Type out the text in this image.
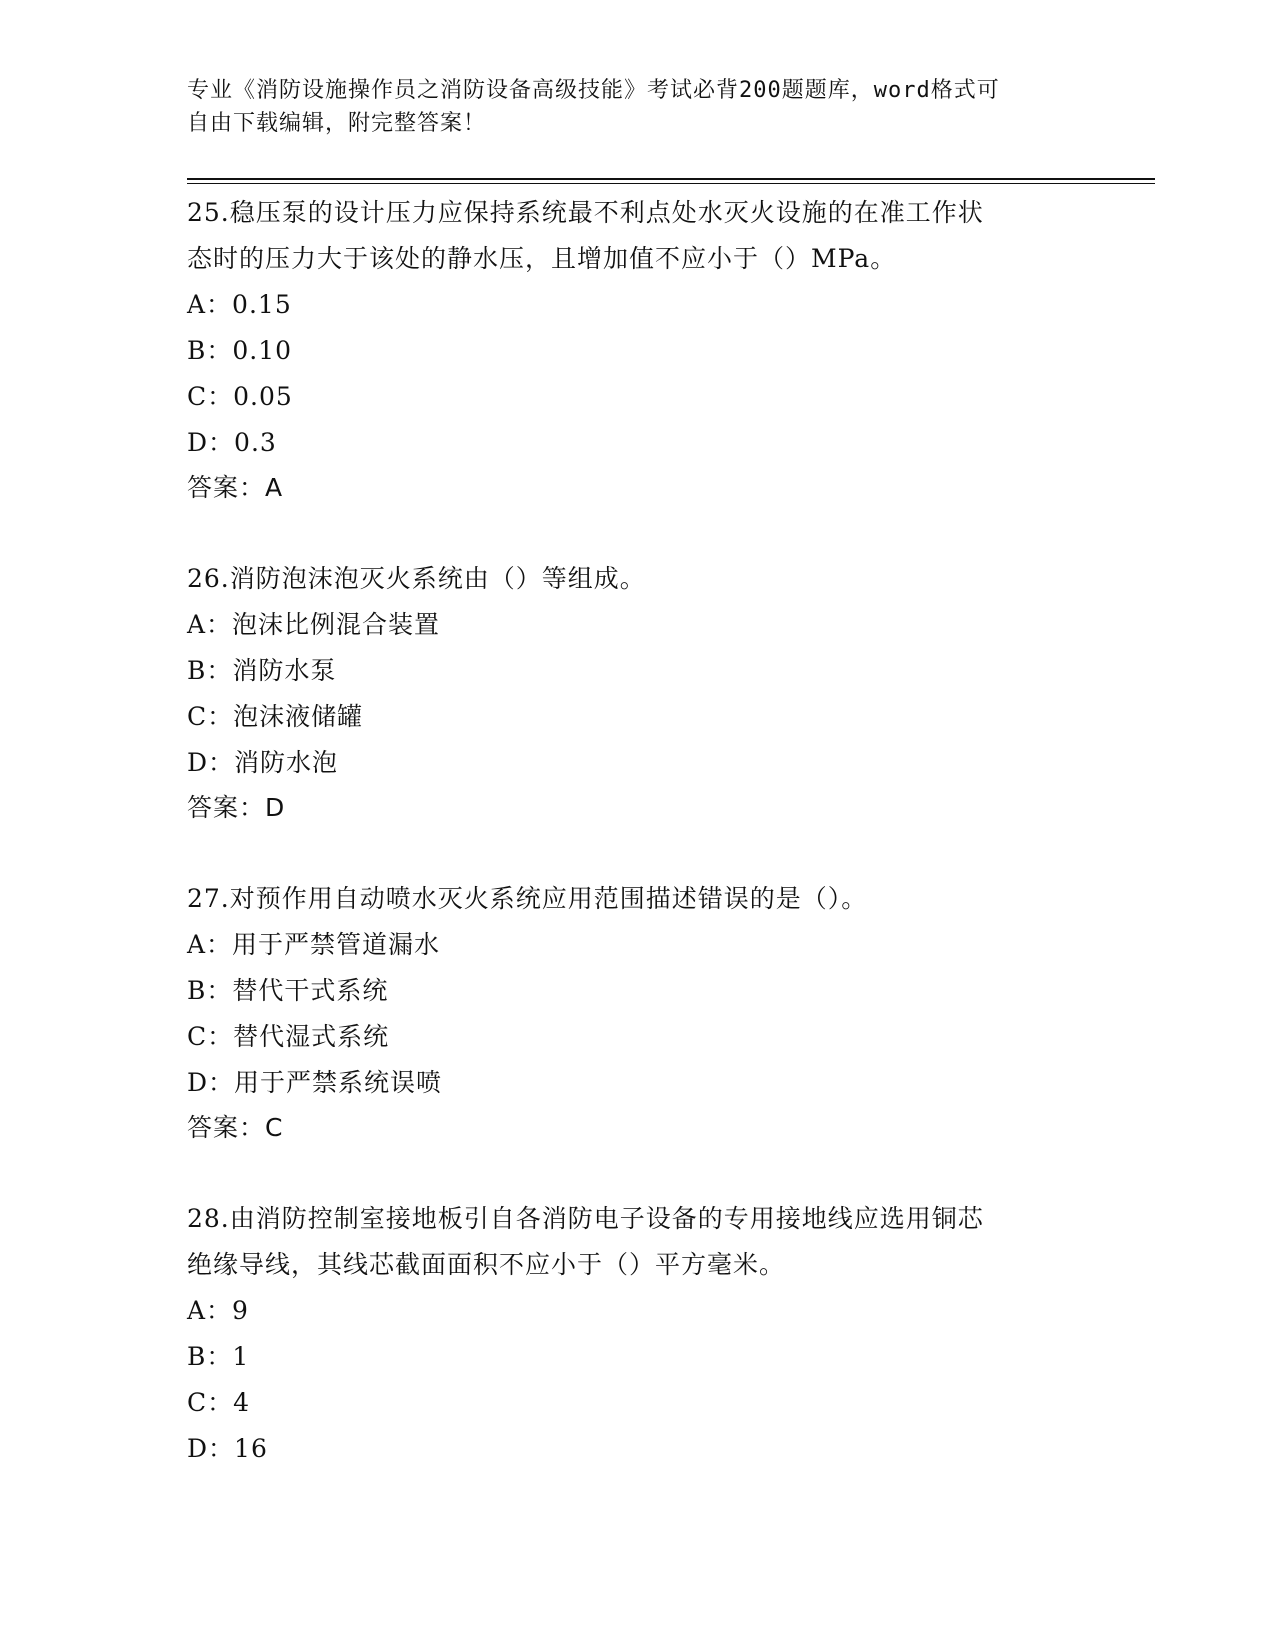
专业《消防设施操作员之消防设备高级技能》考试必背200题题库，word格式可
自由下载编辑，附完整答案！
25.稳压泵的设计压力应保持系统最不利点处水灭火设施的在准工作状
态时的压力大于该处的静水压，且增加值不应小于（）MPa。
A：0.15
B：0.10
C：0.05
D：0.3
答案：A
26.消防泡沫泡灭火系统由（）等组成。
A：泡沫比例混合装置
B：消防水泵
C：泡沫液储罐
D：消防水泡
答案：D
27.对预作用自动喷水灭火系统应用范围描述错误的是（）。
A：用于严禁管道漏水
B：替代干式系统
C：替代湿式系统
D：用于严禁系统误喷
答案：C
28.由消防控制室接地板引自各消防电子设备的专用接地线应选用铜芯
绝缘导线，其线芯截面面积不应小于（）平方毫米。
A：9
B：1
C：4
D：16
